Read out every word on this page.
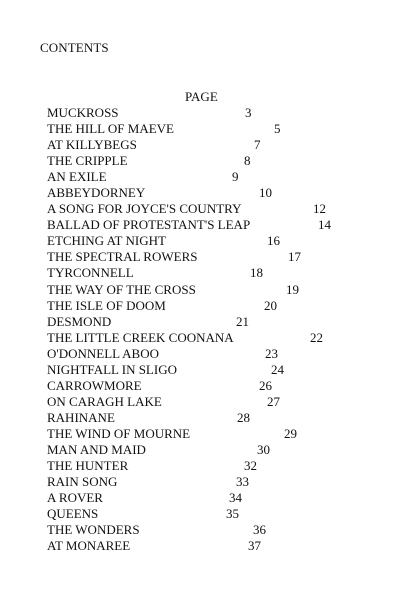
CONTENTS
PAGE
MUCKROSS	3
THE HILL OF MAEVE	5
AT KILLYBEGS	7
THE CRIPPLE	8
AN EXILE	9
ABBEYDORNEY	10
A SONG FOR JOYCE'S COUNTRY	12
BALLAD OF PROTESTANT'S LEAP	14
ETCHING AT NIGHT	16
THE SPECTRAL ROWERS	17
TYRCONNELL	18
THE WAY OF THE CROSS	19
THE ISLE OF DOOM	20
DESMOND	21
THE LITTLE CREEK COONANA	22
O'DONNELL ABOO	23
NIGHTFALL IN SLIGO	24
CARROWMORE	26
ON CARAGH LAKE	27
RAHINANE	28
THE WIND OF MOURNE	29
MAN AND MAID	30
THE HUNTER	32
RAIN SONG	33
A ROVER	34
QUEENS	35
THE WONDERS	36
AT MONAREE	37
